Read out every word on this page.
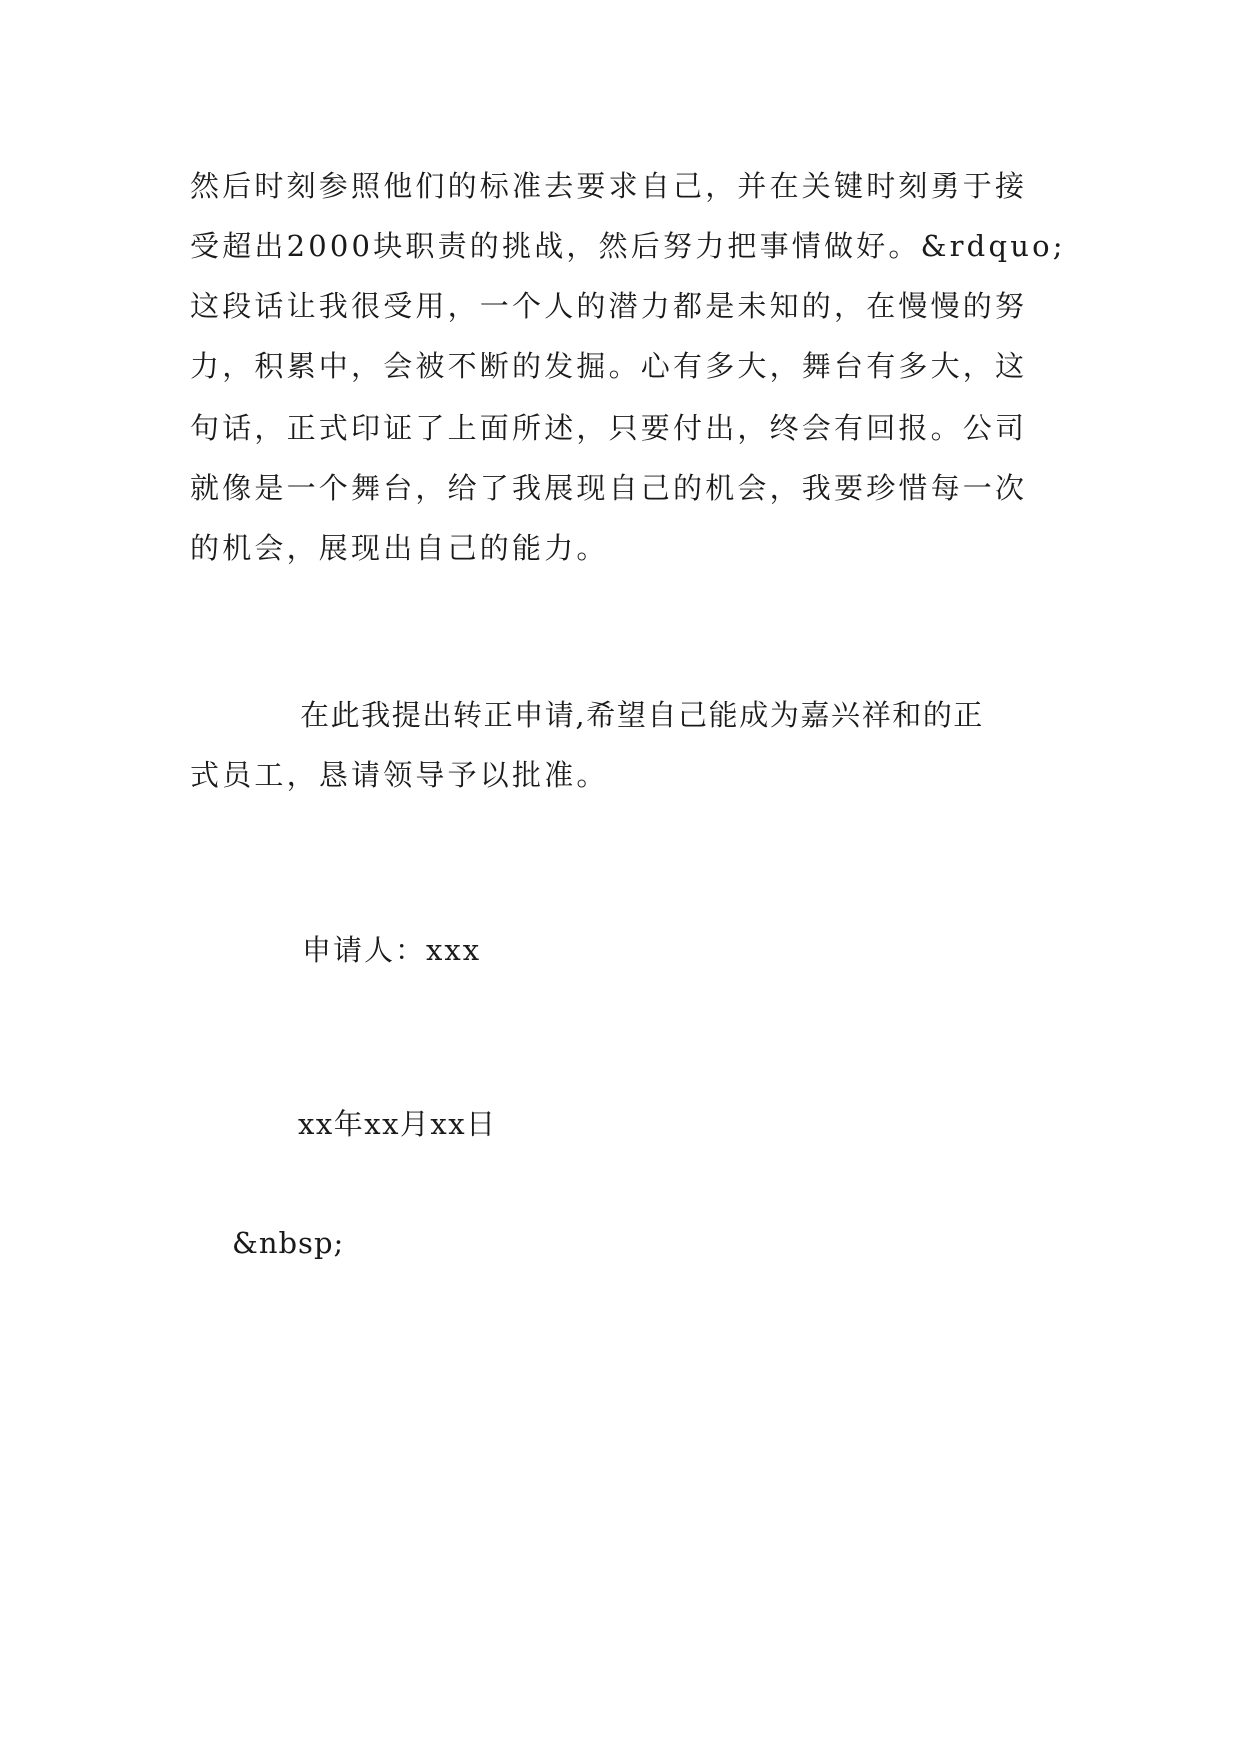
然后时刻参照他们的标准去要求自己，并在关键时刻勇于接
受超出2000块职责的挑战，然后努力把事情做好。&rdquo;
这段话让我很受用，一个人的潜力都是未知的，在慢慢的努
力，积累中，会被不断的发掘。心有多大，舞台有多大，这
句话，正式印证了上面所述，只要付出，终会有回报。公司
就像是一个舞台，给了我展现自己的机会，我要珍惜每一次
的机会，展现出自己的能力。
在此我提出转正申请,希望自己能成为嘉兴祥和的正
式员工，恳请领导予以批准。
申请人：xxx
xx年xx月xx日
&nbsp;
